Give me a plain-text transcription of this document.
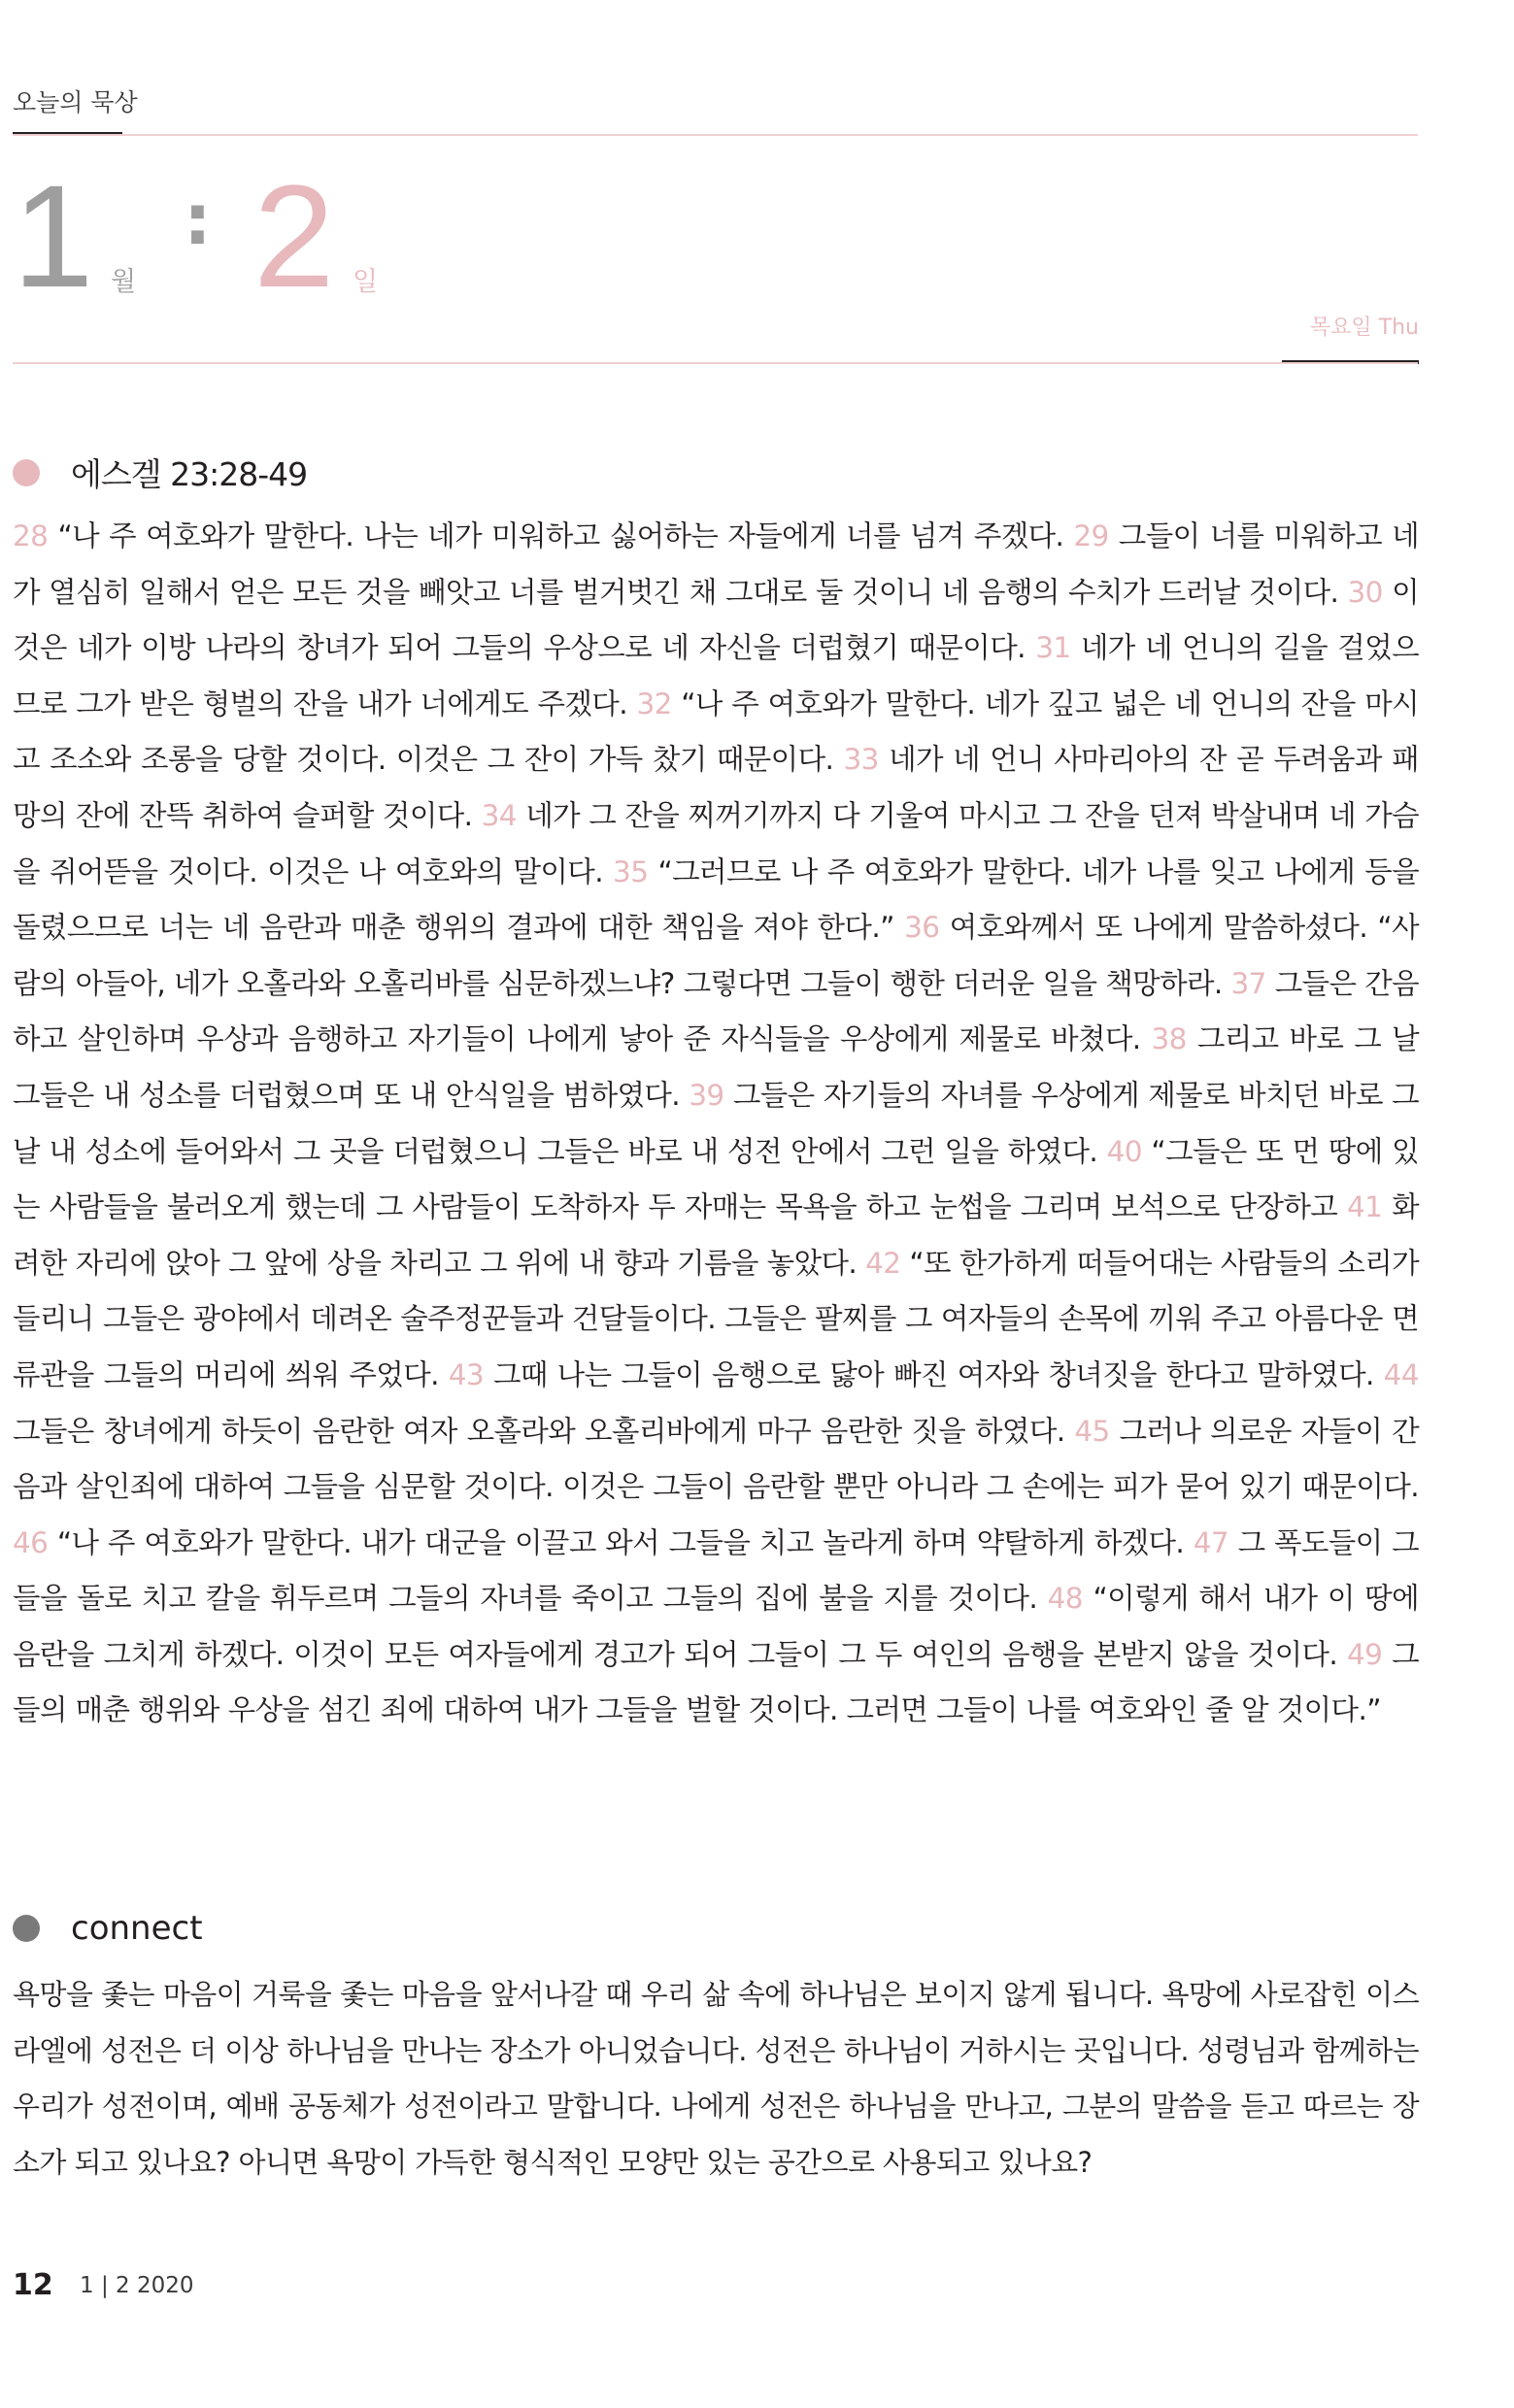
오늘의 묵상
1 월
: 2 일
목요일 Thu
에스겔 23:28-49
28 “나 주 여호와가 말한다. 나는 네가 미워하고 싫어하는 자들에게 너를 넘겨 주겠다. 29 그들이 너를 미워하고 네가 열심히 일해서 얻은 모든 것을 빼앗고 너를 벌거벗긴 채 그대로 둘 것이니 네 음행의 수치가 드러날 것이다. 30 이것은 네가 이방 나라의 창녀가 되어 그들의 우상으로 네 자신을 더럽혔기 때문이다. 31 네가 네 언니의 길을 걸었으므로 그가 받은 형벌의 잔을 내가 너에게도 주겠다. 32 “나 주 여호와가 말한다. 네가 깊고 넓은 네 언니의 잔을 마시고 조소와 조롱을 당할 것이다. 이것은 그 잔이 가득 찼기 때문이다. 33 네가 네 언니 사마리아의 잔 곧 두려움과 패망의 잔에 잔뜩 취하여 슬퍼할 것이다. 34 네가 그 잔을 찌꺼기까지 다 기울여 마시고 그 잔을 던져 박살내며 네 가슴을 쥐어뜯을 것이다. 이것은 나 여호와의 말이다. 35 “그러므로 나 주 여호와가 말한다. 네가 나를 잊고 나에게 등을 돌렸으므로 너는 네 음란과 매춘 행위의 결과에 대한 책임을 져야 한다.” 36 여호와께서 또 나에게 말씀하셨다. “사람의 아들아, 네가 오홀라와 오홀리바를 심문하겠느냐? 그렇다면 그들이 행한 더러운 일을 책망하라. 37 그들은 간음하고 살인하며 우상과 음행하고 자기들이 나에게 낳아 준 자식들을 우상에게 제물로 바쳤다. 38 그리고 바로 그 날 그들은 내 성소를 더럽혔으며 또 내 안식일을 범하였다. 39 그들은 자기들의 자녀를 우상에게 제물로 바치던 바로 그 날 내 성소에 들어와서 그 곳을 더럽혔으니 그들은 바로 내 성전 안에서 그런 일을 하였다. 40 “그들은 또 먼 땅에 있는 사람들을 불러오게 했는데 그 사람들이 도착하자 두 자매는 목욕을 하고 눈썹을 그리며 보석으로 단장하고 41 화려한 자리에 앉아 그 앞에 상을 차리고 그 위에 내 향과 기름을 놓았다. 42 “또 한가하게 떠들어대는 사람들의 소리가 들리니 그들은 광야에서 데려온 술주정꾼들과 건달들이다. 그들은 팔찌를 그 여자들의 손목에 끼워 주고 아름다운 면류관을 그들의 머리에 씌워 주었다. 43 그때 나는 그들이 음행으로 닳아 빠진 여자와 창녀짓을 한다고 말하였다. 44 그들은 창녀에게 하듯이 음란한 여자 오홀라와 오홀리바에게 마구 음란한 짓을 하였다. 45 그러나 의로운 자들이 간음과 살인죄에 대하여 그들을 심문할 것이다. 이것은 그들이 음란할 뿐만 아니라 그 손에는 피가 묻어 있기 때문이다. 46 “나 주 여호와가 말한다. 내가 대군을 이끌고 와서 그들을 치고 놀라게 하며 약탈하게 하겠다. 47 그 폭도들이 그들을 돌로 치고 칼을 휘두르며 그들의 자녀를 죽이고 그들의 집에 불을 지를 것이다. 48 “이렇게 해서 내가 이 땅에 음란을 그치게 하겠다. 이것이 모든 여자들에게 경고가 되어 그들이 그 두 여인의 음행을 본받지 않을 것이다. 49 그들의 매춘 행위와 우상을 섬긴 죄에 대하여 내가 그들을 벌할 것이다. 그러면 그들이 나를 여호와인 줄 알 것이다.”
connect
욕망을 좇는 마음이 거룩을 좇는 마음을 앞서나갈 때 우리 삶 속에 하나님은 보이지 않게 됩니다. 욕망에 사로잡힌 이스라엘에 성전은 더 이상 하나님을 만나는 장소가 아니었습니다. 성전은 하나님이 거하시는 곳입니다. 성령님과 함께하는 우리가 성전이며, 예배 공동체가 성전이라고 말합니다. 나에게 성전은 하나님을 만나고, 그분의 말씀을 듣고 따르는 장소가 되고 있나요? 아니면 욕망이 가득한 형식적인 모양만 있는 공간으로 사용되고 있나요?
12 1 | 2 2020
